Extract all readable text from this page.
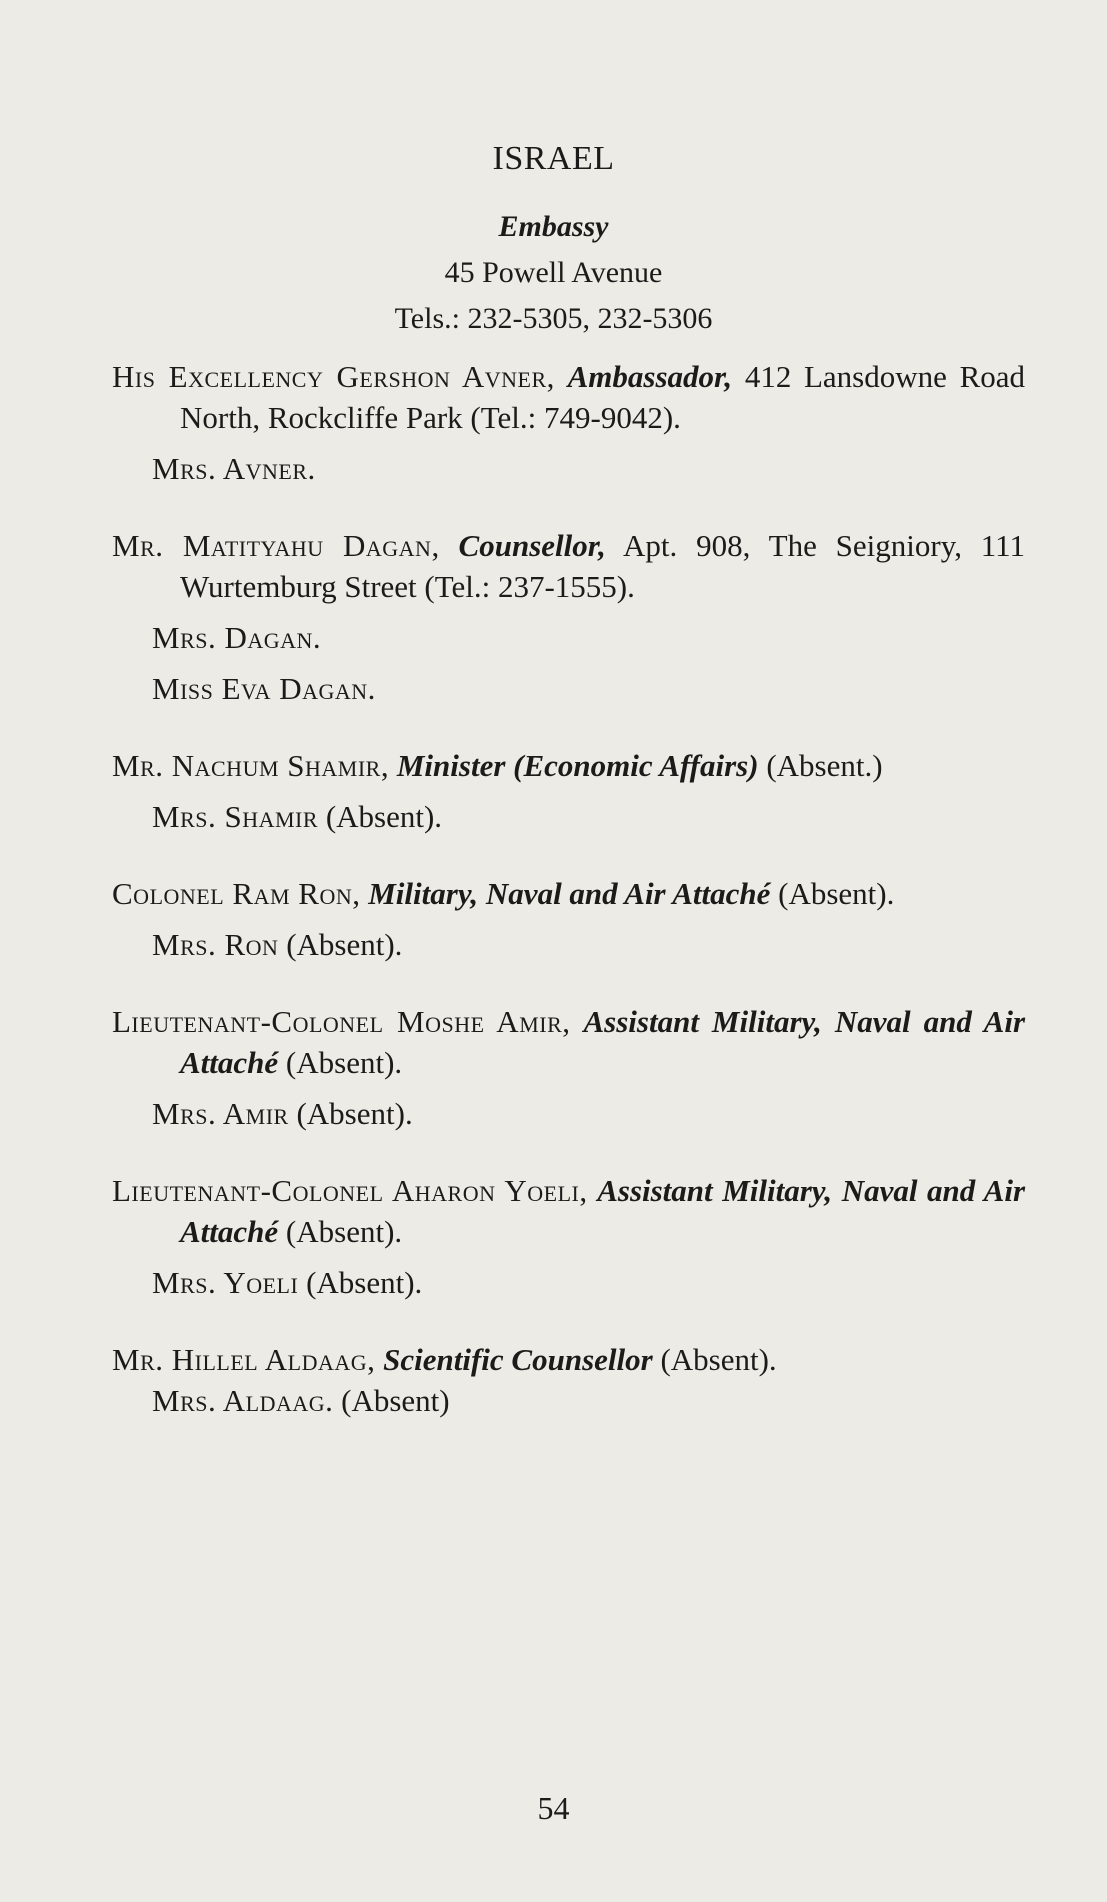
ISRAEL
Embassy
45 Powell Avenue
Tels.: 232-5305, 232-5306

His Excellency Gershon Avner, Ambassador, 412 Lansdowne Road North, Rockcliffe Park (Tel.: 749-9042).

Mrs. Avner.

Mr. Matityahu Dagan, Counsellor, Apt. 908, The Seigniory, 111 Wurtemburg Street (Tel.: 237-1555).

Mrs. Dagan.

Miss Eva Dagan.

Mr. Nachum Shamir, Minister (Economic Affairs) (Absent.)

Mrs. Shamir (Absent).

Colonel Ram Ron, Military, Naval and Air Attaché (Absent).

Mrs. Ron (Absent).

Lieutenant-Colonel Moshe Amir, Assistant Military, Naval and Air Attaché (Absent).

Mrs. Amir (Absent).

Lieutenant-Colonel Aharon Yoeli, Assistant Military, Naval and Air Attaché (Absent).

Mrs. Yoeli (Absent).

Mr. Hillel Aldaag, Scientific Counsellor (Absent).

Mrs. Aldaag. (Absent)

54
